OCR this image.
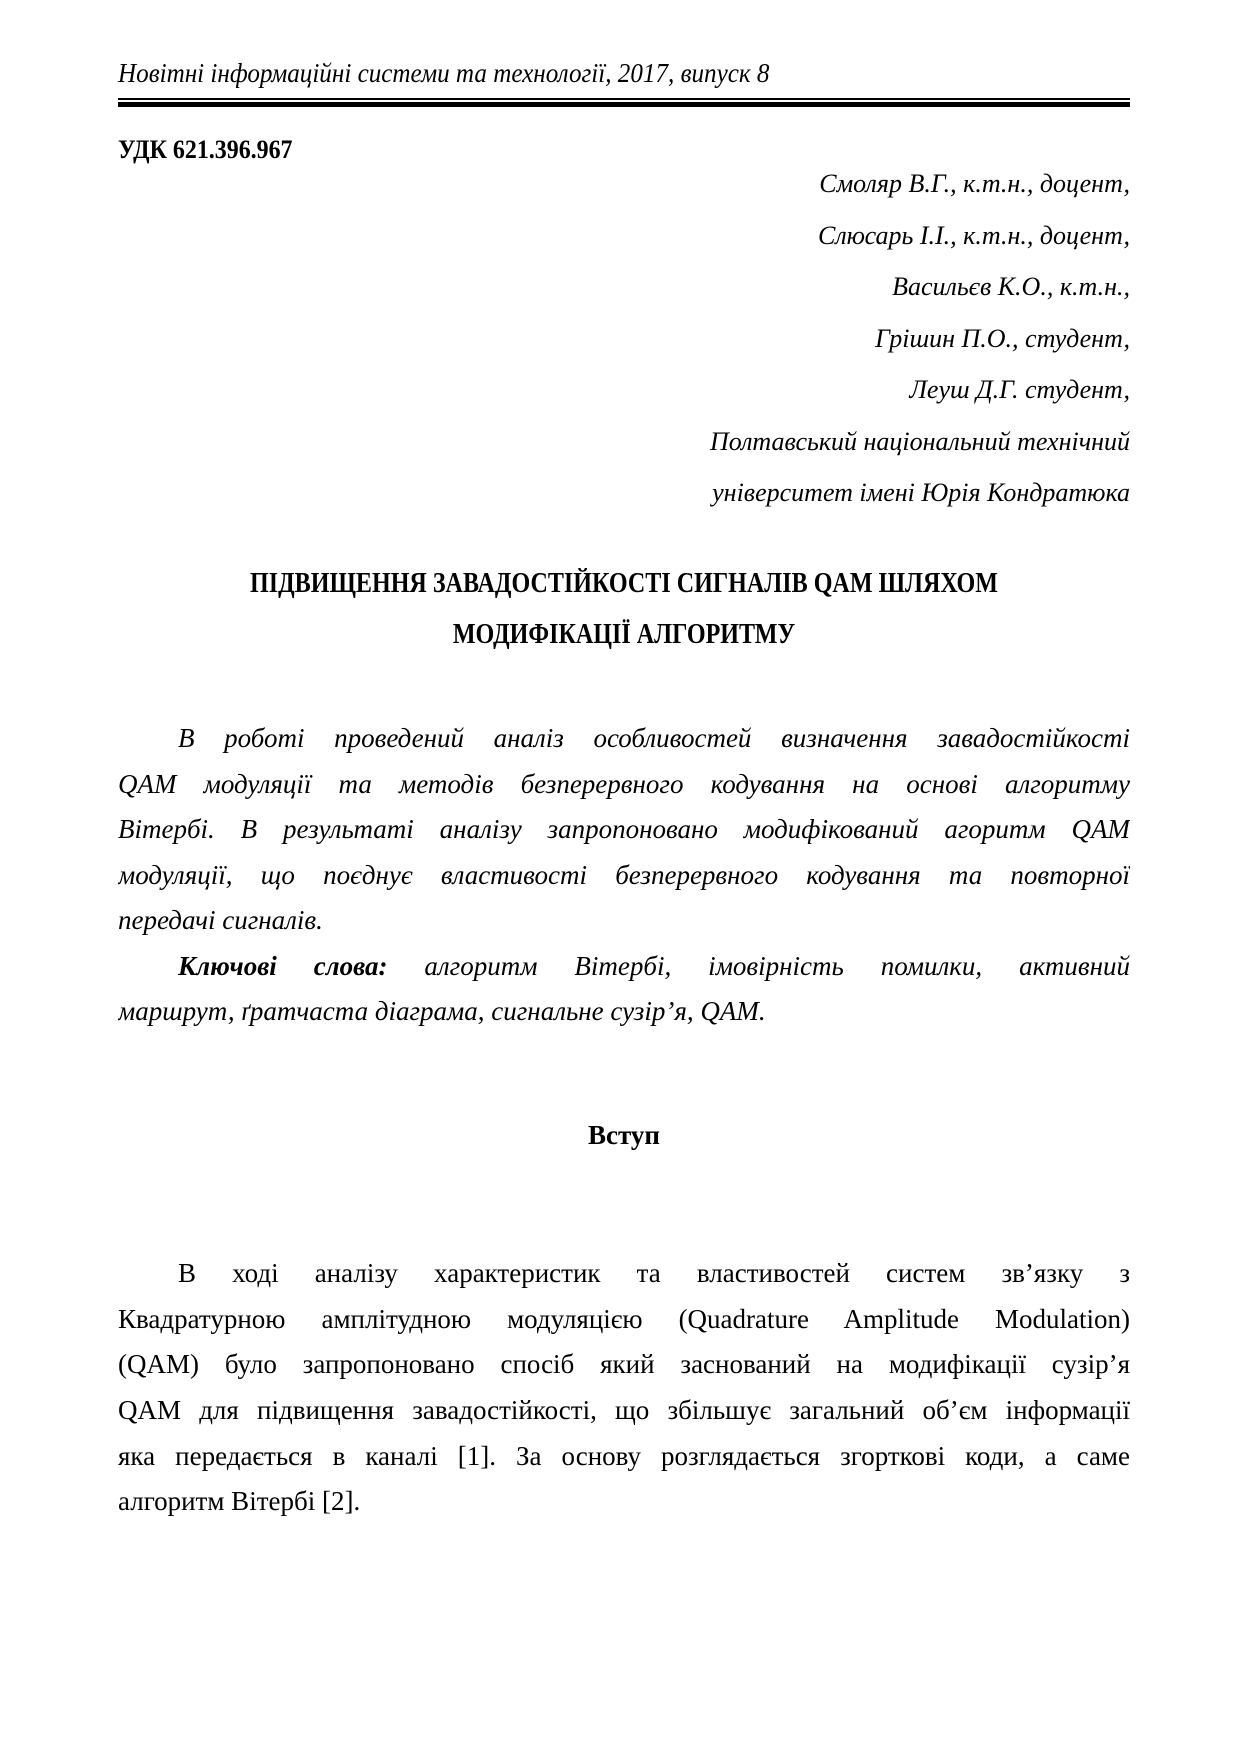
Новітні інформаційні системи та технології, 2017, випуск 8
УДК 621.396.967
Смоляр В.Г., к.т.н., доцент,
Слюсарь І.І., к.т.н., доцент,
Васильєв К.О., к.т.н.,
Грішин П.О., студент,
Леуш Д.Г. студент,
Полтавський національний технічний
університет імені Юрія Кондратюка
ПІДВИЩЕННЯ ЗАВАДОСТІЙКОСТІ СИГНАЛІВ QAM ШЛЯХОМ
МОДИФІКАЦІЇ АЛГОРИТМУ
В роботі проведений аналіз особливостей визначення завадостійкості
QAM модуляції та методів безперервного кодування на основі алгоритму
Вітербі. В результаті аналізу запропоновано модифікований агоритм QAM
модуляції, що поєднує властивості безперервного кодування та повторної
передачі сигналів.
Ключові слова: алгоритм Вітербі, імовірність помилки, активний
маршрут, ґратчаста діаграма, сигнальне сузір’я, QAM.
Вступ
В ході аналізу характеристик та властивостей систем зв’язку з
Квадратурною амплітудною модуляцією (Quadrature Amplitude Modulation)
(QAM) було запропоновано спосіб який заснований на модифікації сузір’я
QAM для підвищення завадостійкості, що збільшує загальний об’єм інформації
яка передається в каналі [1]. За основу розглядається згорткові коди, а саме
алгоритм Вітербі [2].
